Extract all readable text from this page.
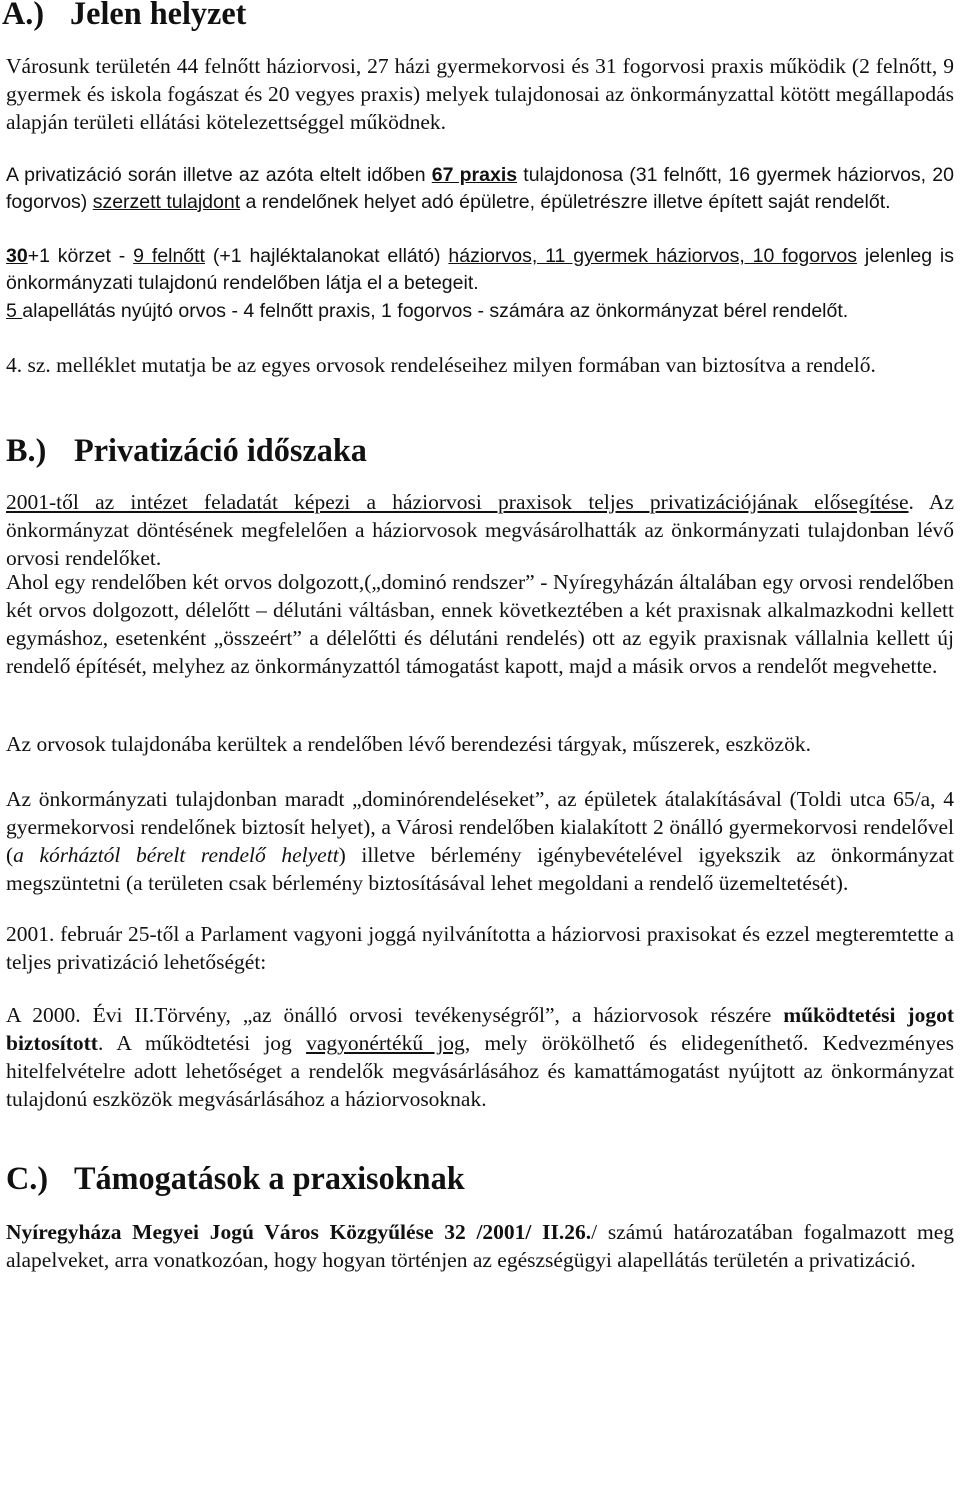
A.) Jelen helyzet

Városunk területén 44 felnőtt háziorvosi, 27 házi gyermekorvosi és 31 fogorvosi praxis működik (2 felnőtt, 9 gyermek és iskola fogászat és 20 vegyes praxis) melyek tulajdonosai az önkormányzattal kötött megállapodás alapján területi ellátási kötelezettséggel működnek.

A privatizáció során illetve az azóta eltelt időben 67 praxis tulajdonosa (31 felnőtt, 16 gyermek háziorvos, 20 fogorvos) szerzett tulajdont a rendelőnek helyet adó épületre, épületrészre illetve épített saját rendelőt.

30+1 körzet - 9 felnőtt (+1 hajléktalanokat ellátó) háziorvos, 11 gyermek háziorvos, 10 fogorvos jelenleg is önkormányzati tulajdonú rendelőben látja el a betegeit.

5 alapellátás nyújtó orvos - 4 felnőtt praxis, 1 fogorvos - számára az önkormányzat bérel rendelőt.

4. sz. melléklet mutatja be az egyes orvosok rendeléseihez milyen formában van biztosítva a rendelő.

B.) Privatizáció időszaka

2001-től az intézet feladatát képezi a háziorvosi praxisok teljes privatizációjának elősegítése. Az önkormányzat döntésének megfelelően a háziorvosok megvásárolhatták az önkormányzati tulajdonban lévő orvosi rendelőket.

Ahol egy rendelőben két orvos dolgozott,(„dominó rendszer” - Nyíregyházán általában egy orvosi rendelőben két orvos dolgozott, délelőtt – délutáni váltásban, ennek következtében a két praxisnak alkalmazkodni kellett egymáshoz, esetenként „összeért” a délelőtti és délutáni rendelés) ott az egyik praxisnak vállalnia kellett új rendelő építését, melyhez az önkormányzattól támogatást kapott, majd a másik orvos a rendelőt megvehette.

Az orvosok tulajdonába kerültek a rendelőben lévő berendezési tárgyak, műszerek, eszközök.

Az önkormányzati tulajdonban maradt „dominórendeléseket”, az épületek átalakításával (Toldi utca 65/a, 4 gyermekorvosi rendelőnek biztosít helyet), a Városi rendelőben kialakított 2 önálló gyermekorvosi rendelővel (a kórháztól bérelt rendelő helyett) illetve bérlemény igénybevételével igyekszik az önkormányzat megszüntetni (a területen csak bérlemény biztosításával lehet megoldani a rendelő üzemeltetését).

2001. február 25-től a Parlament vagyoni joggá nyilvánította a háziorvosi praxisokat és ezzel megteremtette a teljes privatizáció lehetőségét:

A 2000. Évi II.Törvény, „az önálló orvosi tevékenységről”, a háziorvosok részére működtetési jogot biztosított. A működtetési jog vagyonértékű jog, mely örökölhető és elidegeníthető. Kedvezményes hitelfelvételre adott lehetőséget a rendelők megvásárlásához és kamattámogatást nyújtott az önkormányzat tulajdonú eszközök megvásárlásához a háziorvosoknak.

C.) Támogatások a praxisoknak

Nyíregyháza Megyei Jogú Város Közgyűlése 32 /2001/ II.26./ számú határozatában fogalmazott meg alapelveket, arra vonatkozóan, hogy hogyan történjen az egészségügyi alapellátás területén a privatizáció.
